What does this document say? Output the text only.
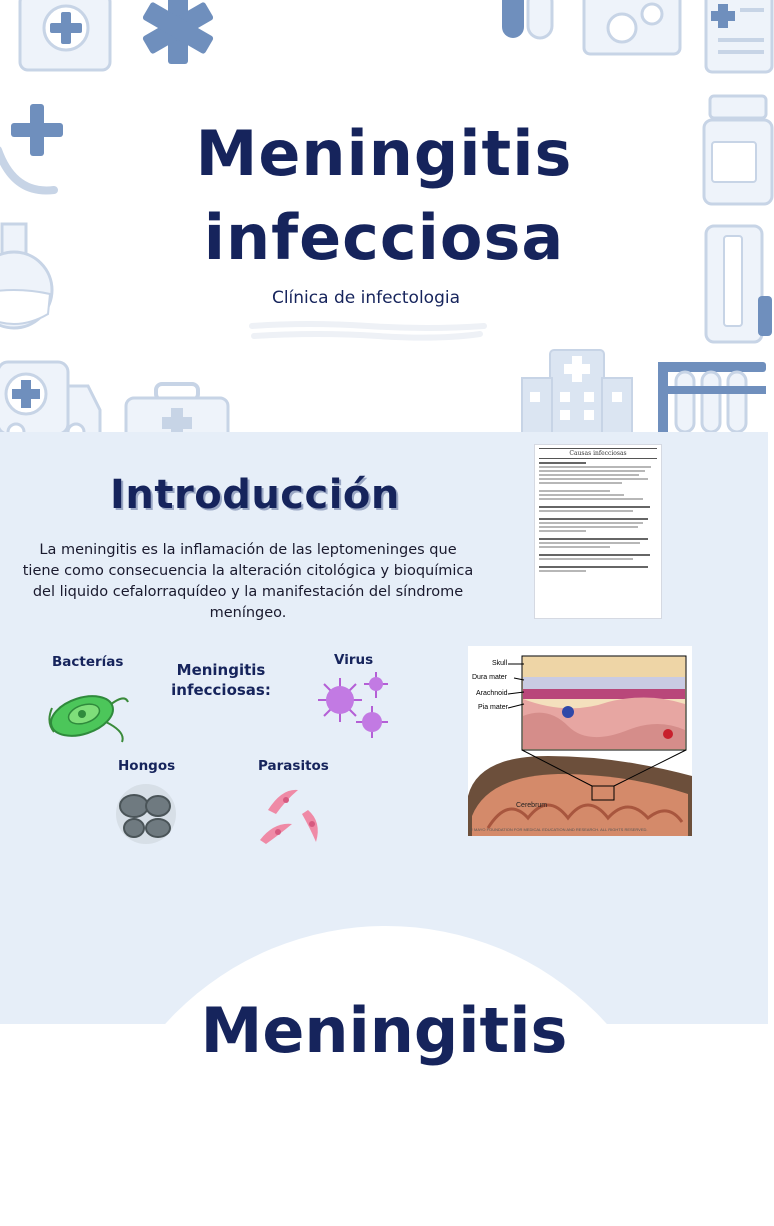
Meningitis
infecciosa
Clínica de infectologia
Introducción
La meningitis es la inflamación de las leptomeninges que tiene como consecuencia la alteración citológica y bioquímica del liquido cefalorraquídeo y la manifestación del síndrome meníngeo.
Bacterías	Meningitis infecciosas:
Virus
Hongos	Parasitos
Causas infecciosas
Skull
Dura mater
Arachnoid
Pia mater
Cerebrum
© MAYO FOUNDATION FOR MEDICAL EDUCATION AND RESEARCH. ALL RIGHTS RESERVED.
Meningitis
